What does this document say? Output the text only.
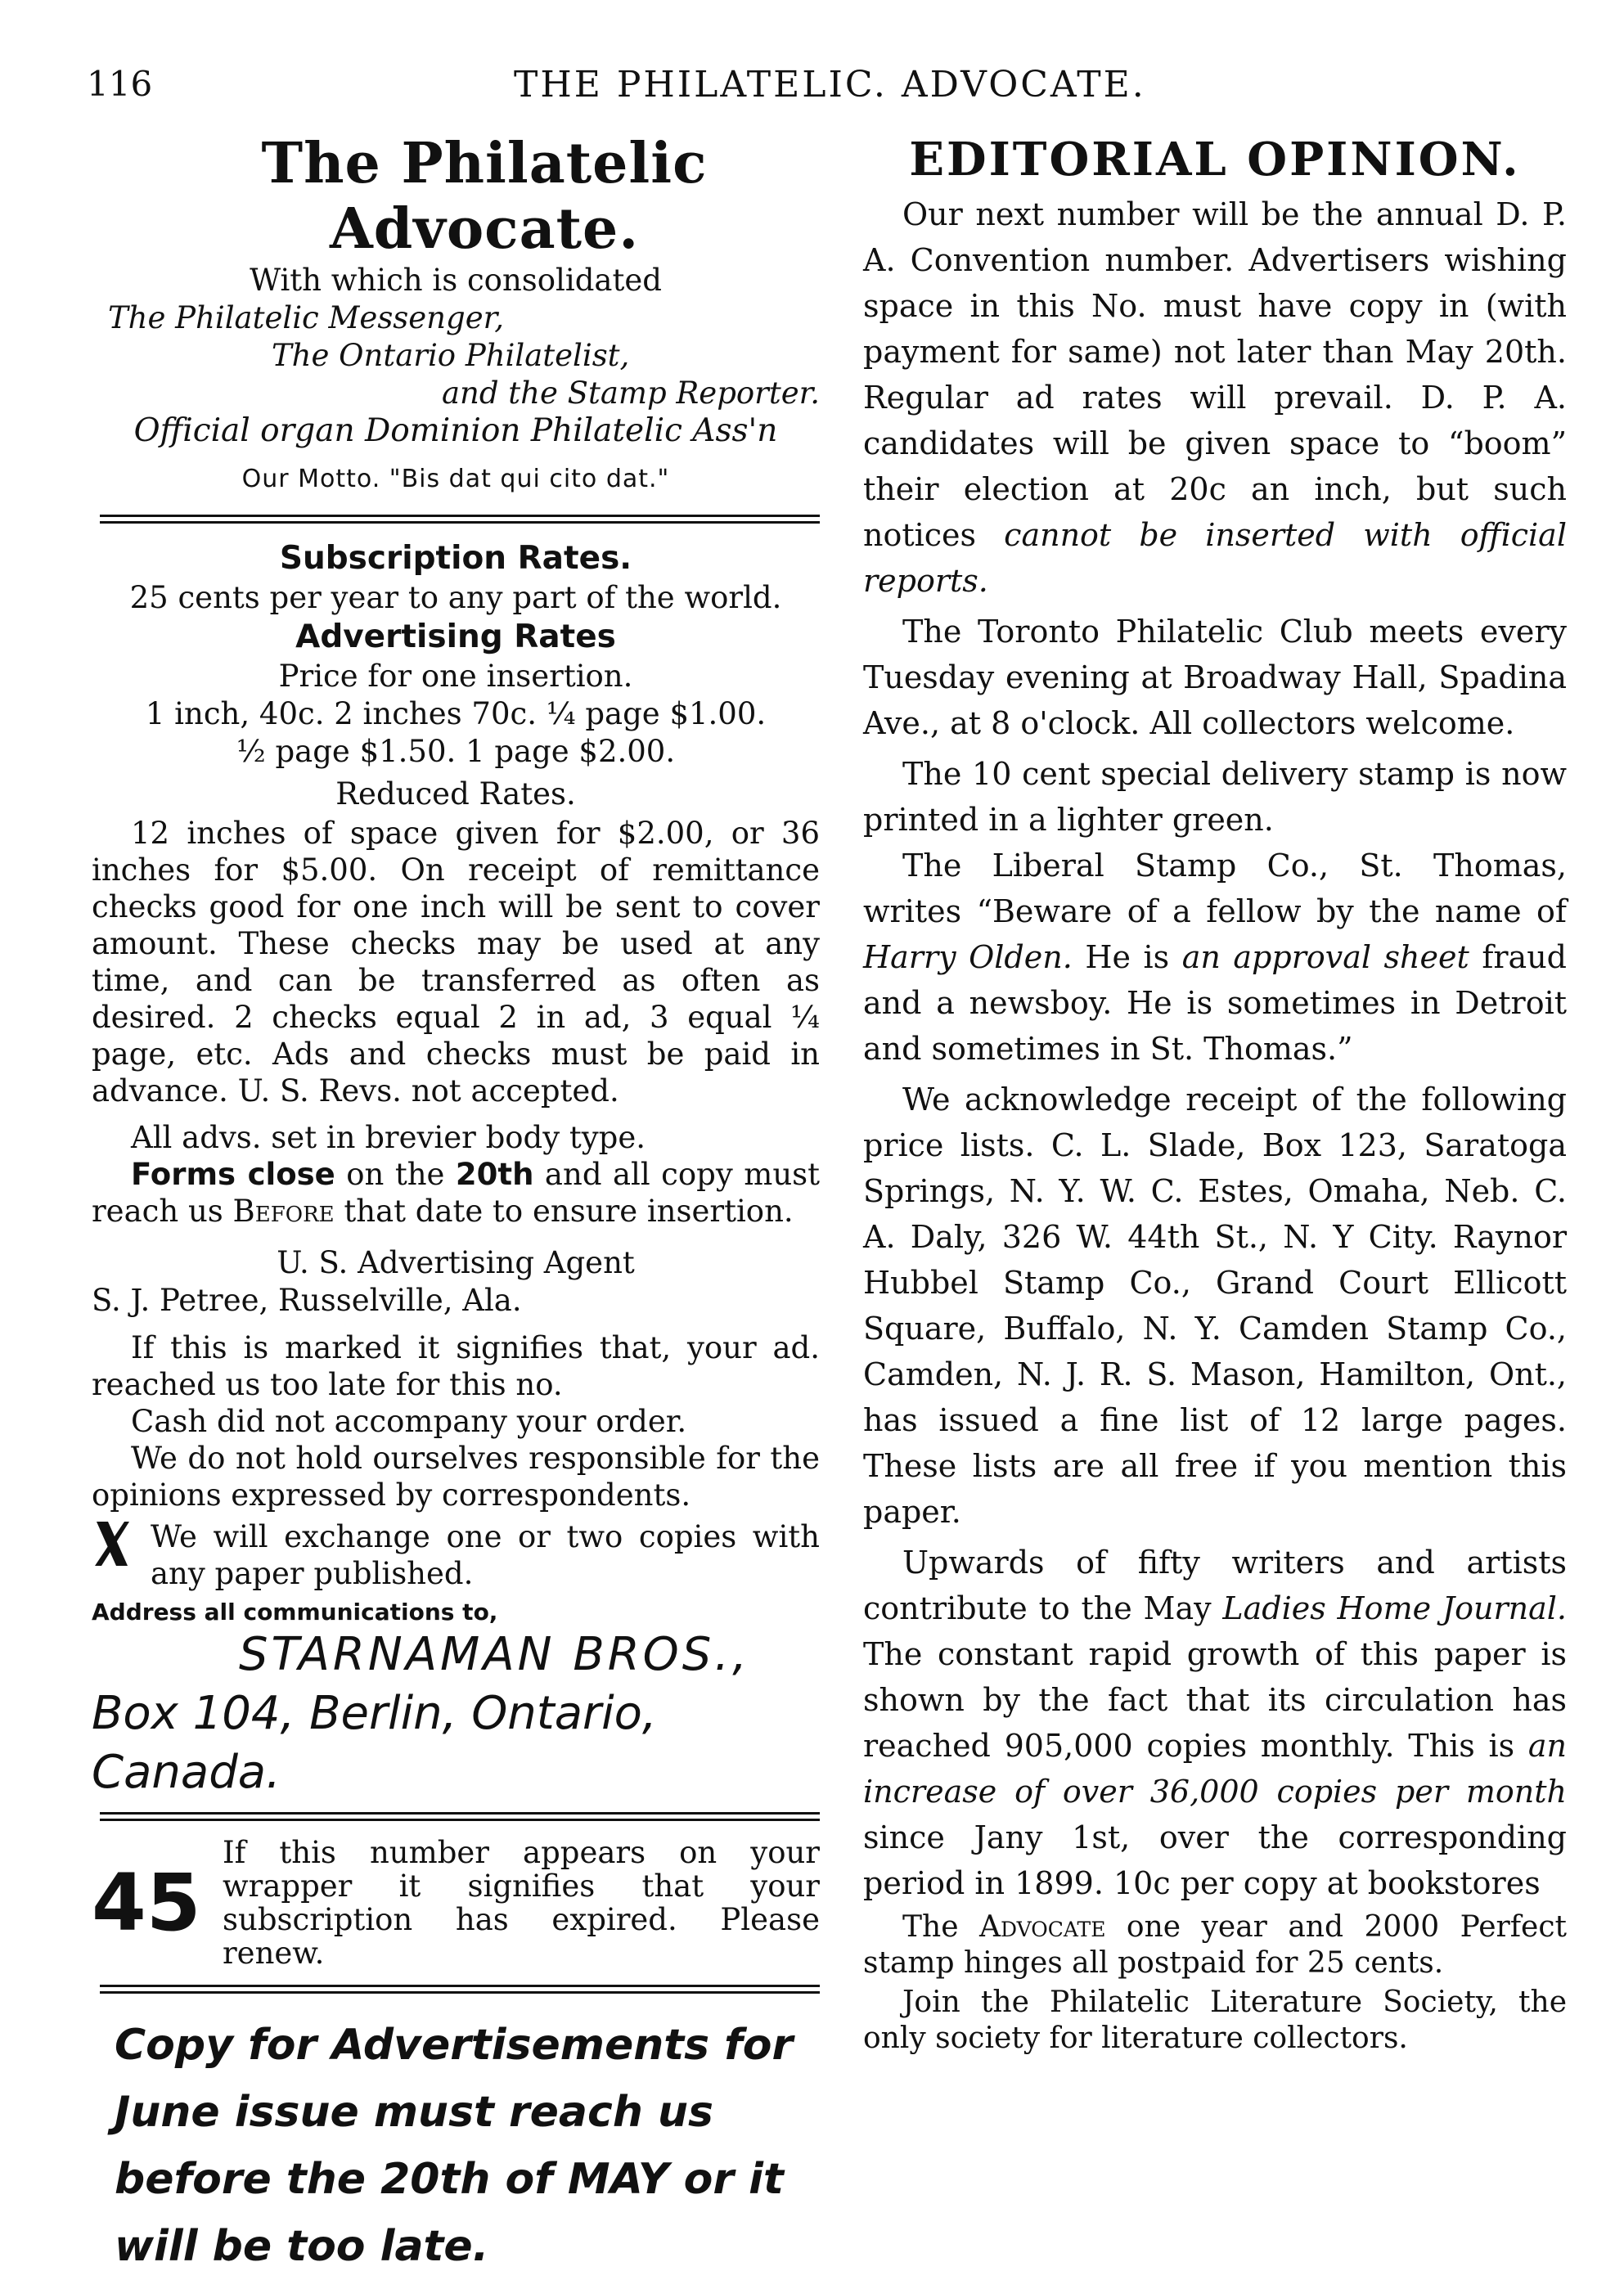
116	THE PHILATELIC. ADVOCATE.

The Philatelic Advocate.

With which is consolidated

The Philatelic Messenger,

The Ontario Philatelist,

and the Stamp Reporter.

Official organ Dominion Philatelic Ass'n

Our Motto. "Bis dat qui cito dat."

Subscription Rates.

25 cents per year to any part of the world.

Advertising Rates

Price for one insertion.

1 inch, 40c. 2 inches 70c. ¼ page $1.00.

½ page $1.50. 1 page $2.00.

Reduced Rates.

12 inches of space given for $2.00, or 36 inches for $5.00. On receipt of remittance checks good for one inch will be sent to cover amount. These checks may be used at any time, and can be transferred as often as desired. 2 checks equal 2 in ad, 3 equal ¼ page, etc. Ads and checks must be paid in advance. U. S. Revs. not accepted.

All advs. set in brevier body type.

Forms close on the 20th and all copy must reach us Before that date to ensure insertion.

U. S. Advertising Agent

S. J. Petree, Russelville, Ala.

If this is marked it signifies that, your ad. reached us too late for this no.

Cash did not accompany your order.

We do not hold ourselves responsible for the opinions expressed by correspondents.

We will exchange one or two copies with any paper published.

Address all communications to,

STARNAMAN BROS.,

Box 104, Berlin, Ontario, Canada.

45

If this number appears on your wrapper it signifies that your subscription has expired. Please renew.

Copy for Advertisements for June issue must reach us before the 20th of MAY or it will be too late.

EDITORIAL OPINION.

Our next number will be the annual D. P. A. Convention number. Advertisers wishing space in this No. must have copy in (with payment for same) not later than May 20th. Regular ad rates will prevail. D. P. A. candidates will be given space to “boom” their election at 20c an inch, but such notices cannot be inserted with official reports.

The Toronto Philatelic Club meets every Tuesday evening at Broadway Hall, Spadina Ave., at 8 o'clock. All collectors welcome.

The 10 cent special delivery stamp is now printed in a lighter green.

The Liberal Stamp Co., St. Thomas, writes “Beware of a fellow by the name of Harry Olden. He is an approval sheet fraud and a newsboy. He is sometimes in Detroit and sometimes in St. Thomas.”

We acknowledge receipt of the following price lists. C. L. Slade, Box 123, Saratoga Springs, N. Y. W. C. Estes, Omaha, Neb. C. A. Daly, 326 W. 44th St., N. Y City. Raynor Hubbel Stamp Co., Grand Court Ellicott Square, Buffalo, N. Y. Camden Stamp Co., Camden, N. J. R. S. Mason, Hamilton, Ont., has issued a fine list of 12 large pages. These lists are all free if you mention this paper.

Upwards of fifty writers and artists contribute to the May Ladies Home Journal. The constant rapid growth of this paper is shown by the fact that its circulation has reached 905,000 copies monthly. This is an increase of over 36,000 copies per month since Jany 1st, over the corresponding period in 1899. 10c per copy at bookstores

The Advocate one year and 2000 Perfect stamp hinges all postpaid for 25 cents.

Join the Philatelic Literature Society, the only society for literature collectors.
